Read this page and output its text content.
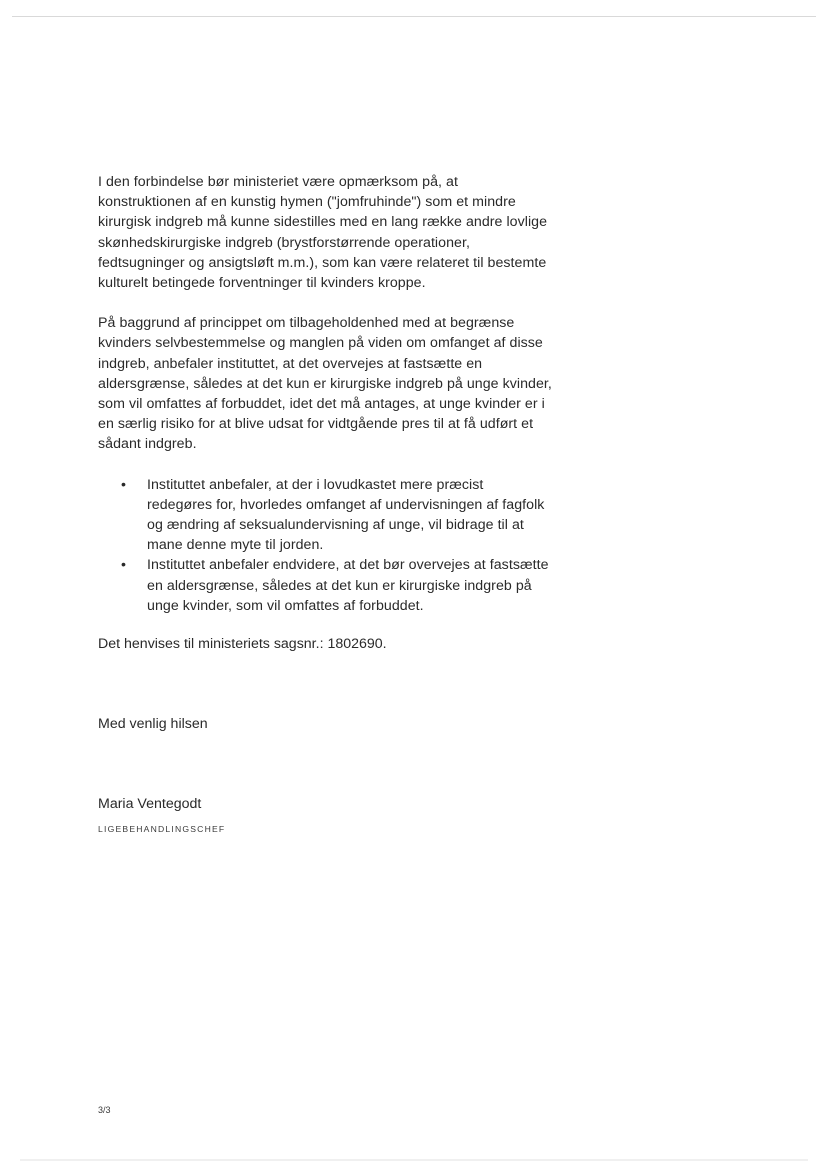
I den forbindelse bør ministeriet være opmærksom på, at
konstruktionen af en kunstig hymen ("jomfruhinde") som et mindre
kirurgisk indgreb må kunne sidestilles med en lang række andre lovlige
skønhedskirurgiske indgreb (brystforstørrende operationer,
fedtsugninger og ansigtsløft m.m.), som kan være relateret til bestemte
kulturelt betingede forventninger til kvinders kroppe.

På baggrund af princippet om tilbageholdenhed med at begrænse
kvinders selvbestemmelse og manglen på viden om omfanget af disse
indgreb, anbefaler instituttet, at det overvejes at fastsætte en
aldersgrænse, således at det kun er kirurgiske indgreb på unge kvinder,
som vil omfattes af forbuddet, idet det må antages, at unge kvinder er i
en særlig risiko for at blive udsat for vidtgående pres til at få udført et
sådant indgreb.

• Instituttet anbefaler, at der i lovudkastet mere præcist
redegøres for, hvorledes omfanget af undervisningen af fagfolk
og ændring af seksualundervisning af unge, vil bidrage til at
mane denne myte til jorden.
• Instituttet anbefaler endvidere, at det bør overvejes at fastsætte
en aldersgrænse, således at det kun er kirurgiske indgreb på
unge kvinder, som vil omfattes af forbuddet.
Det henvises til ministeriets sagsnr.: 1802690.
Med venlig hilsen
Maria Ventegodt
LIGEBEHANDLINGSCHEF
3/3
